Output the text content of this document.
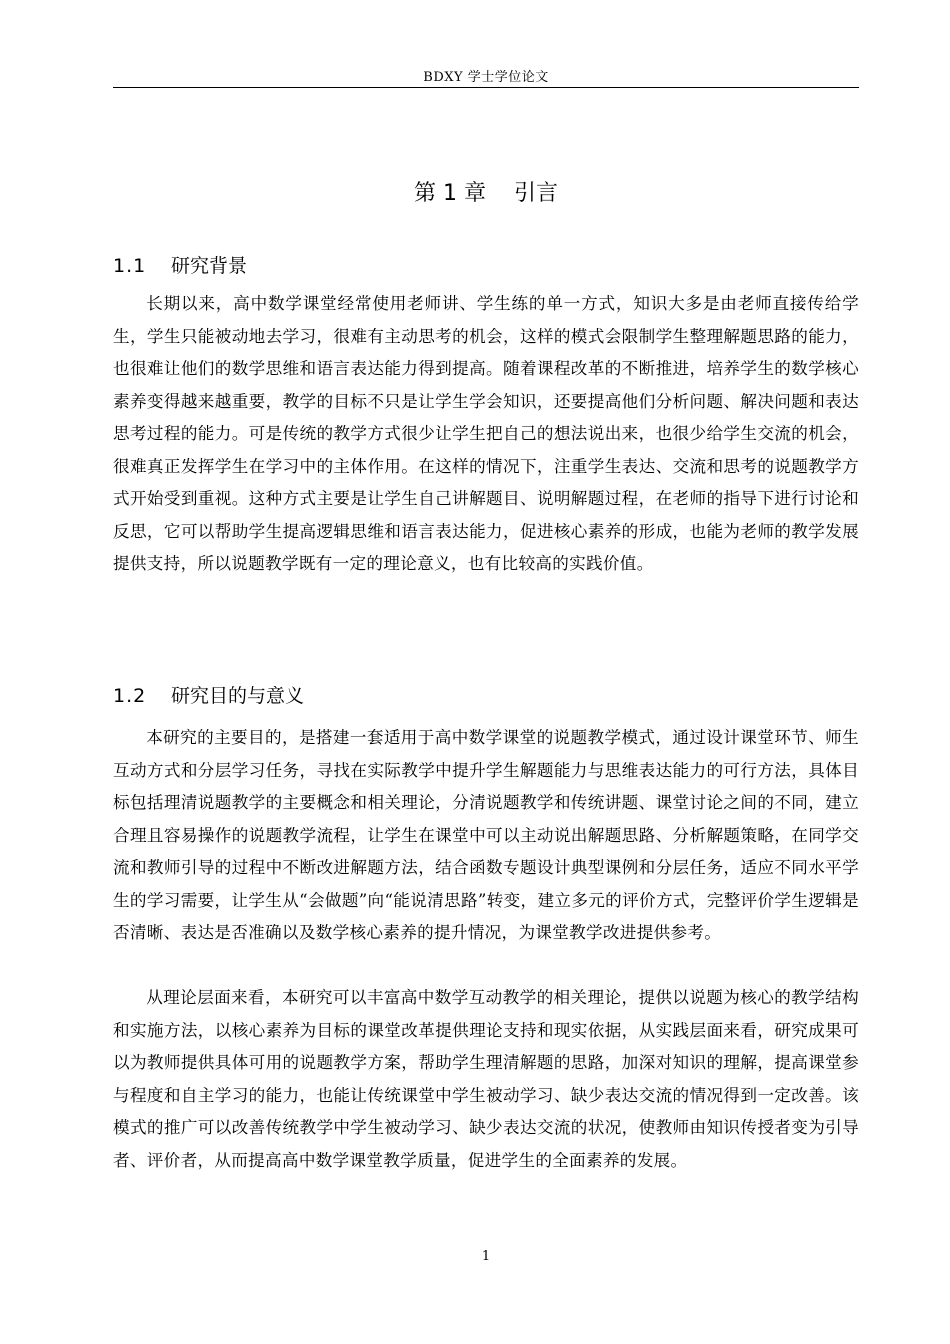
BDXY 学士学位论文
第 1 章    引言
1.1 研究背景

长期以来，高中数学课堂经常使用老师讲、学生练的单一方式，知识大多是由老师直接传给学生，学生只能被动地去学习，很难有主动思考的机会，这样的模式会限制学生整理解题思路的能力，也很难让他们的数学思维和语言表达能力得到提高。随着课程改革的不断推进，培养学生的数学核心素养变得越来越重要，教学的目标不只是让学生学会知识，还要提高他们分析问题、解决问题和表达思考过程的能力。可是传统的教学方式很少让学生把自己的想法说出来，也很少给学生交流的机会，很难真正发挥学生在学习中的主体作用。在这样的情况下，注重学生表达、交流和思考的说题教学方式开始受到重视。这种方式主要是让学生自己讲解题目、说明解题过程，在老师的指导下进行讨论和反思，它可以帮助学生提高逻辑思维和语言表达能力，促进核心素养的形成，也能为老师的教学发展提供支持，所以说题教学既有一定的理论意义，也有比较高的实践价值。

1.2 研究目的与意义

本研究的主要目的，是搭建一套适用于高中数学课堂的说题教学模式，通过设计课堂环节、师生互动方式和分层学习任务，寻找在实际教学中提升学生解题能力与思维表达能力的可行方法，具体目标包括理清说题教学的主要概念和相关理论，分清说题教学和传统讲题、课堂讨论之间的不同，建立合理且容易操作的说题教学流程，让学生在课堂中可以主动说出解题思路、分析解题策略，在同学交流和教师引导的过程中不断改进解题方法，结合函数专题设计典型课例和分层任务，适应不同水平学生的学习需要，让学生从“会做题”向“能说清思路”转变，建立多元的评价方式，完整评价学生逻辑是否清晰、表达是否准确以及数学核心素养的提升情况，为课堂教学改进提供参考。

从理论层面来看，本研究可以丰富高中数学互动教学的相关理论，提供以说题为核心的教学结构和实施方法，以核心素养为目标的课堂改革提供理论支持和现实依据，从实践层面来看，研究成果可以为教师提供具体可用的说题教学方案，帮助学生理清解题的思路，加深对知识的理解，提高课堂参与程度和自主学习的能力，也能让传统课堂中学生被动学习、缺少表达交流的情况得到一定改善。该模式的推广可以改善传统教学中学生被动学习、缺少表达交流的状况，使教师由知识传授者变为引导者、评价者，从而提高高中数学课堂教学质量，促进学生的全面素养的发展。

1
